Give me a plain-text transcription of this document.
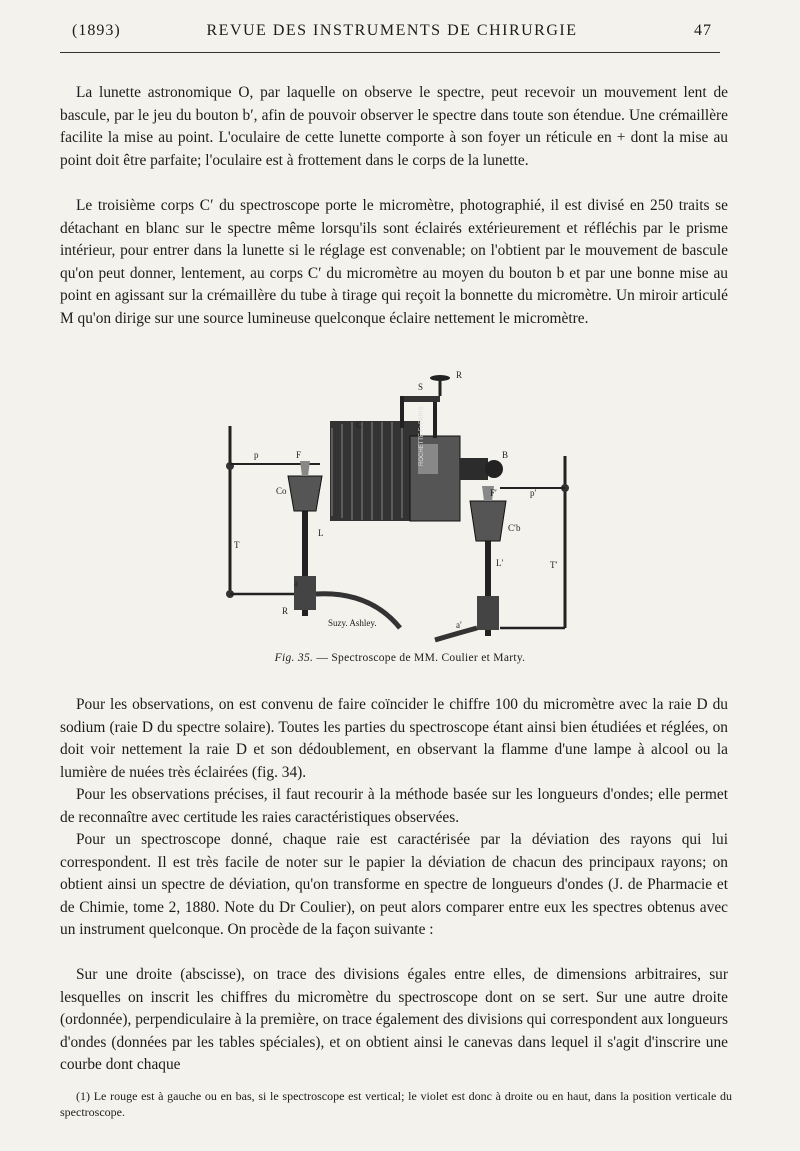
(1893)	REVUE DES INSTRUMENTS DE CHIRURGIE	47

La lunette astronomique O, par laquelle on observe le spectre, peut recevoir un mouvement lent de bascule, par le jeu du bouton b′, afin de pouvoir observer le spectre dans toute son étendue. Une crémaillère facilite la mise au point. L'oculaire de cette lunette comporte à son foyer un réticule en + dont la mise au point doit être parfaite; l'oculaire est à frottement dans le corps de la lunette.

Le troisième corps C′ du spectroscope porte le micromètre, photographié, il est divisé en 250 traits se détachant en blanc sur le spectre même lorsqu'ils sont éclairés extérieurement et réfléchis par le prisme intérieur, pour entrer dans la lunette si le réglage est convenable; on l'obtient par le mouvement de bascule qu'on peut donner, lentement, au corps C′ du micromètre au moyen du bouton b et par une bonne mise au point en agissant sur la crémaillère du tube à tirage qui reçoit la bonnette du micromètre. Un miroir articulé M qu'on dirige sur une source lumineuse quelconque éclaire nettement le micromètre.

R
S
C
p	F
Co
T
L
a
R
B
F′	p′
C′b
L′	T′
a′
Suzy. Ashley.
ROCHETTE Fr PARIS
Fig. 35. — Spectroscope de MM. Coulier et Marty.

Pour les observations, on est convenu de faire coïncider le chiffre 100 du micromètre avec la raie D du sodium (raie D du spectre solaire). Toutes les parties du spectroscope étant ainsi bien étudiées et réglées, on doit voir nettement la raie D et son dédoublement, en observant la flamme d'une lampe à alcool ou la lumière de nuées très éclairées (fig. 34).

Pour les observations précises, il faut recourir à la méthode basée sur les longueurs d'ondes; elle permet de reconnaître avec certitude les raies caractéristiques observées.

Pour un spectroscope donné, chaque raie est caractérisée par la déviation des rayons qui lui correspondent. Il est très facile de noter sur le papier la déviation de chacun des principaux rayons; on obtient ainsi un spectre de déviation, qu'on transforme en spectre de longueurs d'ondes (J. de Pharmacie et de Chimie, tome 2, 1880. Note du Dr Coulier), on peut alors comparer entre eux les spectres obtenus avec un instrument quelconque. On procède de la façon suivante :

Sur une droite (abscisse), on trace des divisions égales entre elles, de dimensions arbitraires, sur lesquelles on inscrit les chiffres du micromètre du spectroscope dont on se sert. Sur une autre droite (ordonnée), perpendiculaire à la première, on trace également des divisions qui correspondent aux longueurs d'ondes (données par les tables spéciales), et on obtient ainsi le canevas dans lequel il s'agit d'inscrire une courbe dont chaque

(1) Le rouge est à gauche ou en bas, si le spectroscope est vertical; le violet est donc à droite ou en haut, dans la position verticale du spectroscope.
